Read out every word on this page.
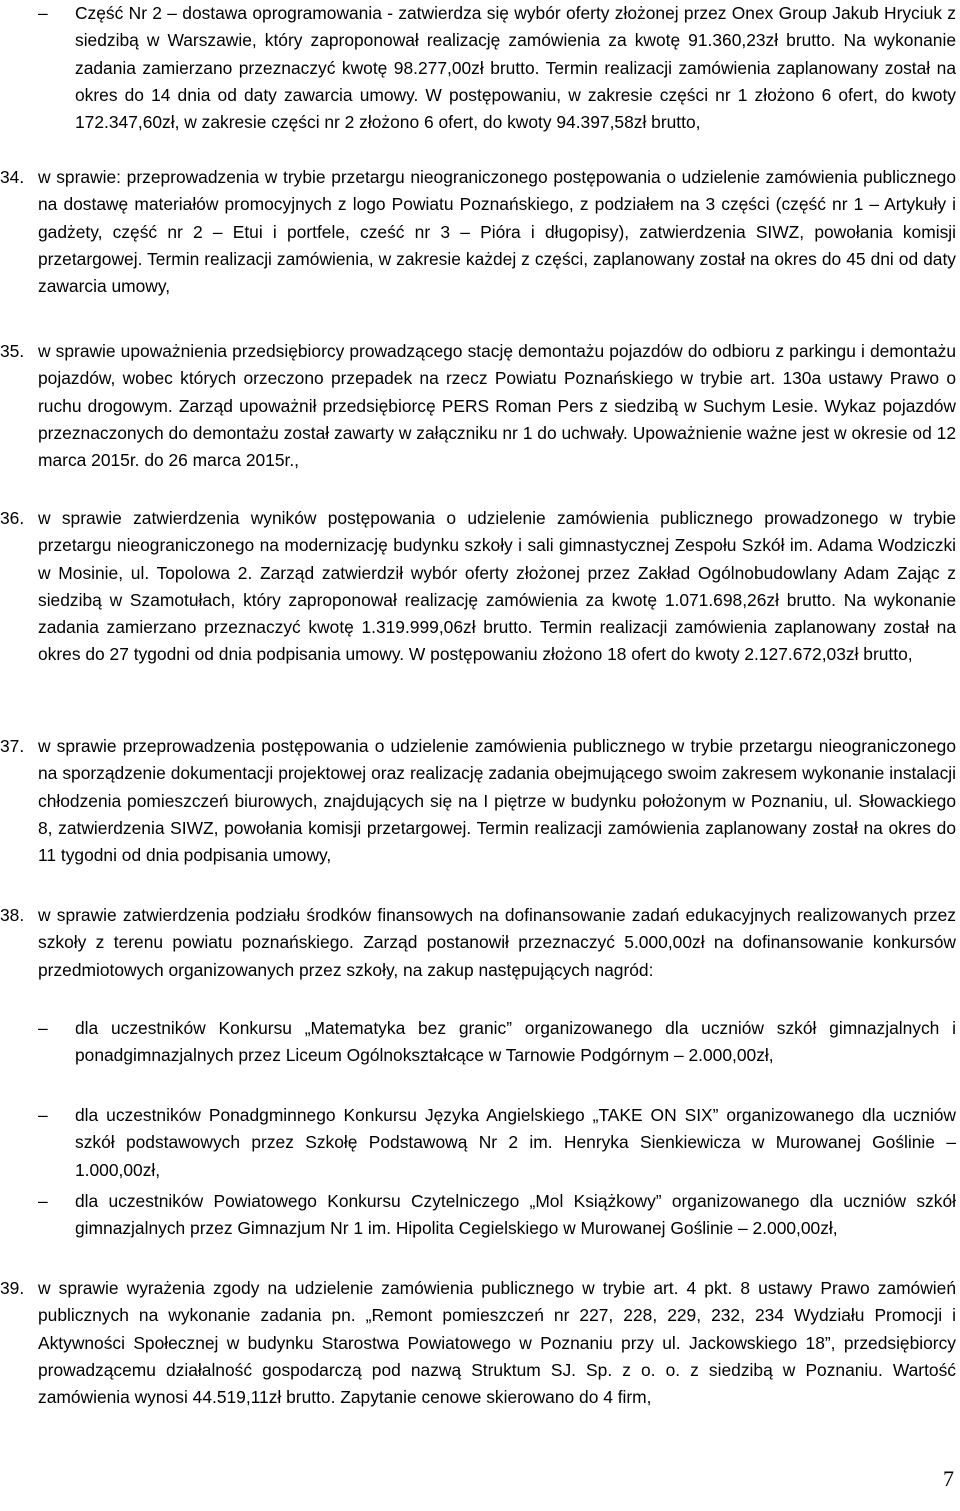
– Część Nr 2 – dostawa oprogramowania - zatwierdza się wybór oferty złożonej przez Onex Group Jakub Hryciuk z siedzibą w Warszawie, który zaproponował realizację zamówienia za kwotę 91.360,23zł brutto. Na wykonanie zadania zamierzano przeznaczyć kwotę 98.277,00zł brutto. Termin realizacji zamówienia zaplanowany został na okres do 14 dnia od daty zawarcia umowy. W postępowaniu, w zakresie części nr 1 złożono 6 ofert, do kwoty 172.347,60zł, w zakresie części nr 2 złożono 6 ofert, do kwoty 94.397,58zł brutto,
34. w sprawie: przeprowadzenia w trybie przetargu nieograniczonego postępowania o udzielenie zamówienia publicznego na dostawę materiałów promocyjnych z logo Powiatu Poznańskiego, z podziałem na 3 części (część nr 1 – Artykuły i gadżety, część nr 2 – Etui i portfele, cześć nr 3 – Pióra i długopisy), zatwierdzenia SIWZ, powołania komisji przetargowej. Termin realizacji zamówienia, w zakresie każdej z części, zaplanowany został na okres do 45 dni od daty zawarcia umowy,
35. w sprawie upoważnienia przedsiębiorcy prowadzącego stację demontażu pojazdów do odbioru z parkingu i demontażu pojazdów, wobec których orzeczono przepadek na rzecz Powiatu Poznańskiego w trybie art. 130a ustawy Prawo o ruchu drogowym. Zarząd upoważnił przedsiębiorcę PERS Roman Pers z siedzibą w Suchym Lesie. Wykaz pojazdów przeznaczonych do demontażu został zawarty w załączniku nr 1 do uchwały. Upoważnienie ważne jest w okresie od 12 marca 2015r. do 26 marca 2015r.,
36. w sprawie zatwierdzenia wyników postępowania o udzielenie zamówienia publicznego prowadzonego w trybie przetargu nieograniczonego na modernizację budynku szkoły i sali gimnastycznej Zespołu Szkół im. Adama Wodziczki w Mosinie, ul. Topolowa 2. Zarząd zatwierdził wybór oferty złożonej przez Zakład Ogólnobudowlany Adam Zając z siedzibą w Szamotułach, który zaproponował realizację zamówienia za kwotę 1.071.698,26zł brutto. Na wykonanie zadania zamierzano przeznaczyć kwotę 1.319.999,06zł brutto. Termin realizacji zamówienia zaplanowany został na okres do 27 tygodni od dnia podpisania umowy. W postępowaniu złożono 18 ofert do kwoty 2.127.672,03zł brutto,
37. w sprawie przeprowadzenia postępowania o udzielenie zamówienia publicznego w trybie przetargu nieograniczonego na sporządzenie dokumentacji projektowej oraz realizację zadania obejmującego swoim zakresem wykonanie instalacji chłodzenia pomieszczeń biurowych, znajdujących się na I piętrze w budynku położonym w Poznaniu, ul. Słowackiego 8, zatwierdzenia SIWZ, powołania komisji przetargowej. Termin realizacji zamówienia zaplanowany został na okres do 11 tygodni od dnia podpisania umowy,
38. w sprawie zatwierdzenia podziału środków finansowych na dofinansowanie zadań edukacyjnych realizowanych przez szkoły z terenu powiatu poznańskiego. Zarząd postanowił przeznaczyć 5.000,00zł na dofinansowanie konkursów przedmiotowych organizowanych przez szkoły, na zakup następujących nagród:
– dla uczestników Konkursu „Matematyka bez granic” organizowanego dla uczniów szkół gimnazjalnych i ponadgimnazjalnych przez Liceum Ogólnokształcące w Tarnowie Podgórnym – 2.000,00zł,
– dla uczestników Ponadgminnego Konkursu Języka Angielskiego „TAKE ON SIX” organizowanego dla uczniów szkół podstawowych przez Szkołę Podstawową Nr 2 im. Henryka Sienkiewicza w Murowanej Goślinie – 1.000,00zł,
– dla uczestników Powiatowego Konkursu Czytelniczego „Mol Książkowy” organizowanego dla uczniów szkół gimnazjalnych przez Gimnazjum Nr 1 im. Hipolita Cegielskiego w Murowanej Goślinie – 2.000,00zł,
39. w sprawie wyrażenia zgody na udzielenie zamówienia publicznego w trybie art. 4 pkt. 8 ustawy Prawo zamówień publicznych na wykonanie zadania pn. „Remont pomieszczeń nr 227, 228, 229, 232, 234 Wydziału Promocji i Aktywności Społecznej w budynku Starostwa Powiatowego w Poznaniu przy ul. Jackowskiego 18”, przedsiębiorcy prowadzącemu działalność gospodarczą pod nazwą Struktum SJ. Sp. z o. o. z siedzibą w Poznaniu. Wartość zamówienia wynosi 44.519,11zł brutto. Zapytanie cenowe skierowano do 4 firm,
7
